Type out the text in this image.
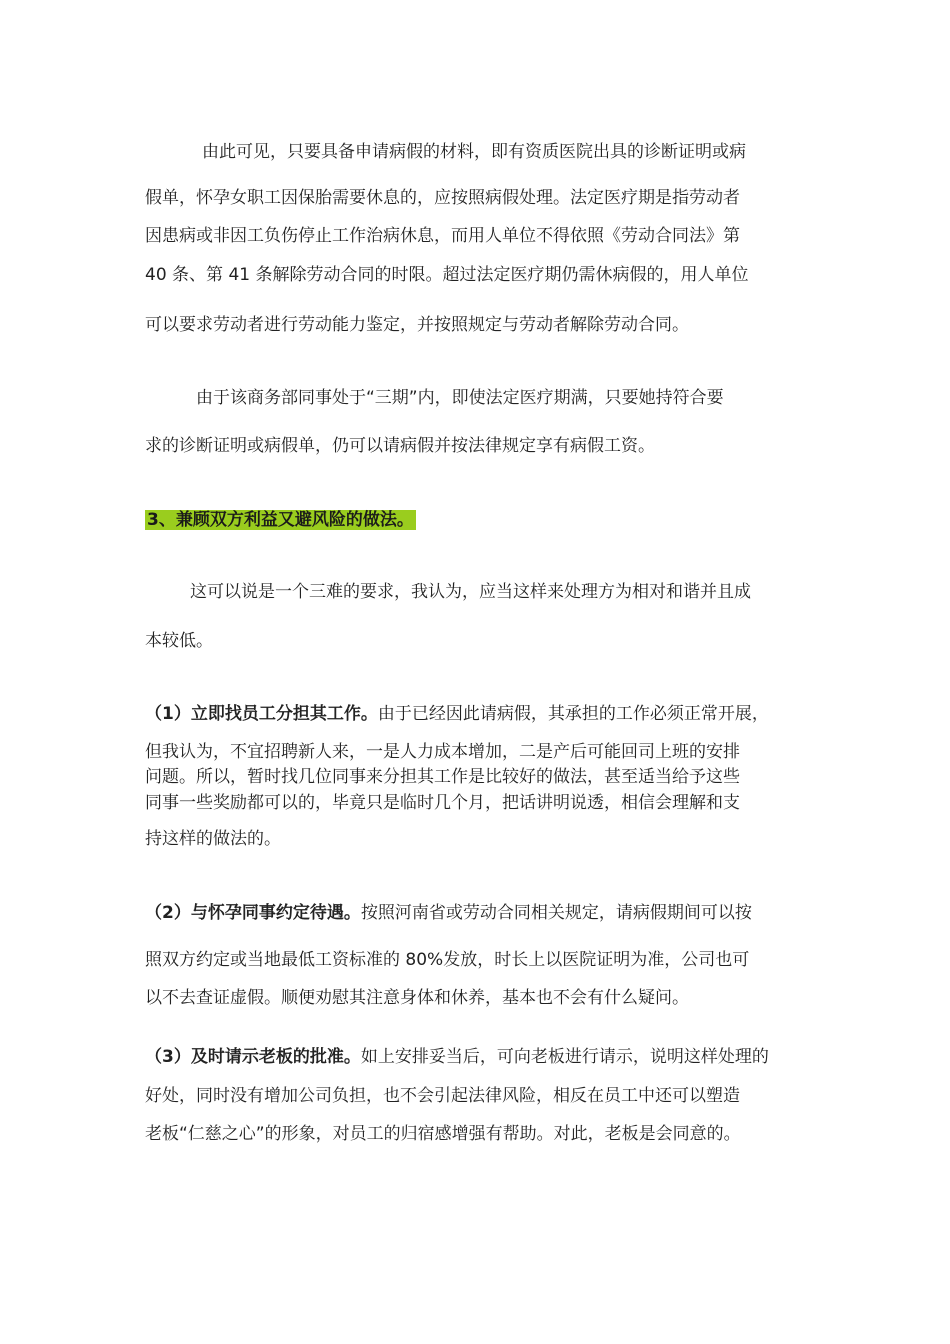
由此可见，只要具备申请病假的材料，即有资质医院出具的诊断证明或病
假单，怀孕女职工因保胎需要休息的，应按照病假处理。法定医疗期是指劳动者
因患病或非因工负伤停止工作治病休息，而用人单位不得依照《劳动合同法》第
40 条、第 41 条解除劳动合同的时限。超过法定医疗期仍需休病假的，用人单位
可以要求劳动者进行劳动能力鉴定，并按照规定与劳动者解除劳动合同。
由于该商务部同事处于“三期”内，即使法定医疗期满，只要她持符合要
求的诊断证明或病假单，仍可以请病假并按法律规定享有病假工资。
3、兼顾双方利益又避风险的做法。
这可以说是一个三难的要求，我认为，应当这样来处理方为相对和谐并且成
本较低。
（1）立即找员工分担其工作。由于已经因此请病假，其承担的工作必须正常开展，
但我认为，不宜招聘新人来，一是人力成本增加，二是产后可能回司上班的安排
问题。所以，暂时找几位同事来分担其工作是比较好的做法，甚至适当给予这些
同事一些奖励都可以的，毕竟只是临时几个月，把话讲明说透，相信会理解和支
持这样的做法的。
（2）与怀孕同事约定待遇。按照河南省或劳动合同相关规定，请病假期间可以按
照双方约定或当地最低工资标准的 80%发放，时长上以医院证明为准，公司也可
以不去查证虚假。顺便劝慰其注意身体和休养，基本也不会有什么疑问。
（3）及时请示老板的批准。如上安排妥当后，可向老板进行请示，说明这样处理的
好处，同时没有增加公司负担，也不会引起法律风险，相反在员工中还可以塑造
老板“仁慈之心”的形象，对员工的归宿感增强有帮助。对此，老板是会同意的。
